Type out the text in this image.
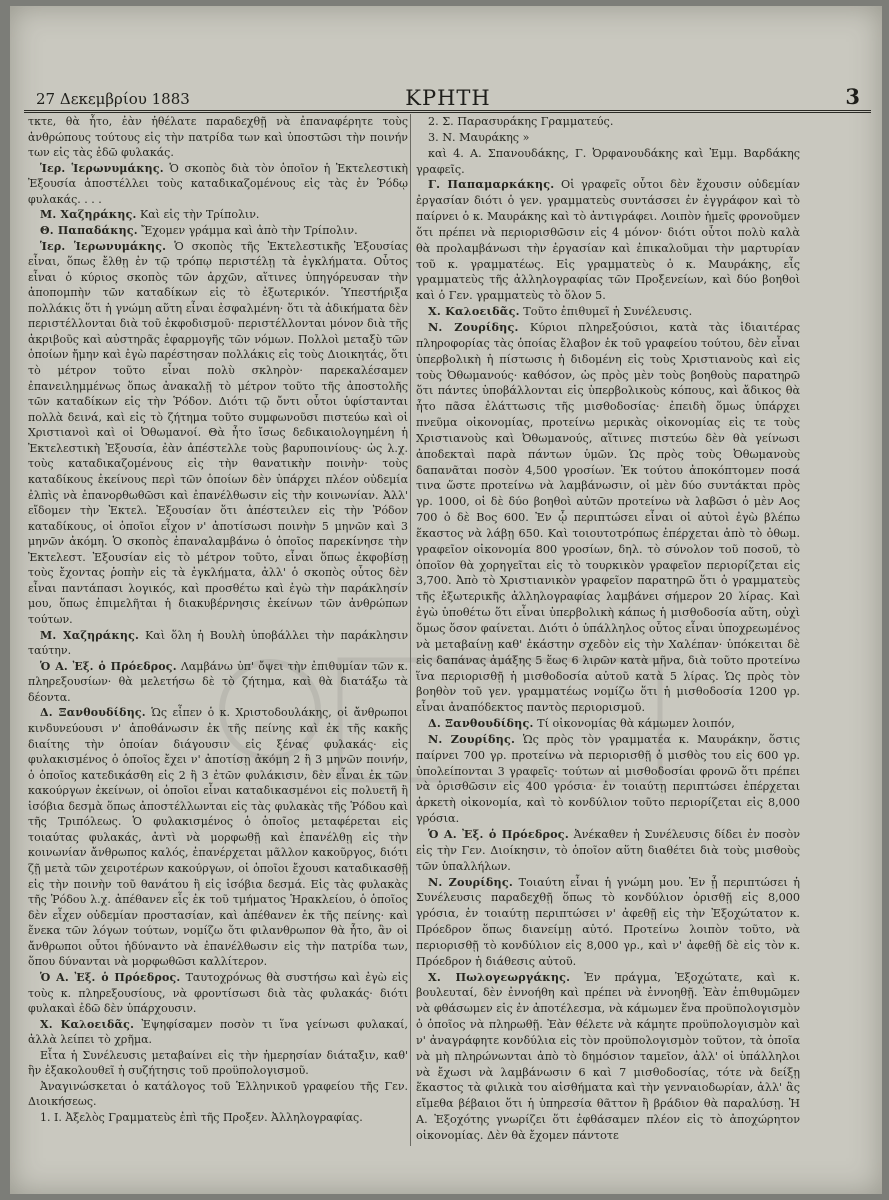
27 Δεκεμβρίου 1883	ΚΡΗΤΗ	3

τκτε, θὰ ἦτο, ἐὰν ἠθέλατε παραδεχθῇ νὰ ἐπαναφέρητε τοὺς ἀνθρώπους τούτους εἰς τὴν πατρίδα των καὶ ὑποστῶσι τὴν ποινήν των εἰς τὰς ἐδῶ φυλακάς.

Ἱερ. Ἱερωνυμάκης. Ὁ σκοπὸς διὰ τὸν ὁποῖον ἡ Ἐκτελεστικὴ Ἐξουσία ἀποστέλλει τοὺς καταδικαζομένους εἰς τὰς ἐν Ῥόδῳ φυλακάς. . . .

Μ. Χαζηράκης. Καὶ εἰς τὴν Τρίπολιν.

Θ. Παπαδάκης. Ἔχομεν γράμμα καὶ ἀπὸ τὴν Τρίπολιν.

Ἱερ. Ἱερωνυμάκης. Ὁ σκοπὸς τῆς Ἐκτελεστικῆς Ἐξουσίας εἶναι, ὅπως ἔλθῃ ἐν τῷ τρόπῳ περιστέλῃ τὰ ἐγκλήματα. Οὗτος εἶναι ὁ κύριος σκοπὸς τῶν ἀρχῶν, αἵτινες ὑπηγόρευσαν τὴν ἀποπομπὴν τῶν καταδίκων εἰς τὸ ἐξωτερικόν. Ὑπεστήριξα πολλάκις ὅτι ἡ γνώμη αὕτη εἶναι ἐσφαλμένη· ὅτι τὰ ἀδικήματα δὲν περιστέλλονται διὰ τοῦ ἐκφοδισμοῦ· περιστέλλονται μόνον διὰ τῆς ἀκριβοῦς καὶ αὐστηρᾶς ἐφαρμογῆς τῶν νόμων. Πολλοὶ μεταξὺ τῶν ὁποίων ἤμην καὶ ἐγὼ παρέστησαν πολλάκις εἰς τοὺς Διοικητάς, ὅτι τὸ μέτρον τοῦτο εἶναι πολὺ σκληρὸν· παρεκαλέσαμεν ἐπανειλημμένως ὅπως ἀνακαλῇ τὸ μέτρον τοῦτο τῆς ἀποστολῆς τῶν καταδίκων εἰς τὴν Ῥόδον. Διότι τῷ ὄντι οὗτοι ὑφίστανται πολλὰ δεινά, καὶ εἰς τὸ ζήτημα τοῦτο συμφωνοῦσι πιστεύω καὶ οἱ Χριστιανοὶ καὶ οἱ Ὀθωμανοί. Θὰ ἦτο ἴσως δεδικαιολογημένη ἡ Ἐκτελεστικὴ Ἐξουσία, ἐὰν ἀπέστελλε τοὺς βαρυποινίους· ὡς λ.χ. τοὺς καταδικαζομένους εἰς τὴν θανατικὴν ποινὴν· τοὺς καταδίκους ἐκείνους περὶ τῶν ὁποίων δὲν ὑπάρχει πλέον οὐδεμία ἐλπὶς νὰ ἐπανορθωθῶσι καὶ ἐπανέλθωσιν εἰς τὴν κοινωνίαν. Ἀλλ' εἴδομεν τὴν Ἐκτελ. Ἐξουσίαν ὅτι ἀπέστειλεν εἰς τὴν Ῥόδον καταδίκους, οἱ ὁποῖοι εἶχον ν' ἀποτίσωσι ποινὴν 5 μηνῶν καὶ 3 μηνῶν ἀκόμη. Ὁ σκοπὸς ἐπαναλαμβάνω ὁ ὁποῖος παρεκίνησε τὴν Ἐκτελεστ. Ἐξουσίαν εἰς τὸ μέτρον τοῦτο, εἶναι ὅπως ἐκφοβίσῃ τοὺς ἔχοντας ῥοπὴν εἰς τὰ ἐγκλήματα, ἀλλ' ὁ σκοπὸς οὗτος δὲν εἶναι παντάπασι λογικός, καὶ προσθέτω καὶ ἐγὼ τὴν παράκλησίν μου, ὅπως ἐπιμελῆται ἡ διακυβέρνησις ἐκείνων τῶν ἀνθρώπων τούτων.

Μ. Χαζηράκης. Καὶ ὅλη ἡ Βουλὴ ὑποβάλλει τὴν παράκλησιν ταύτην.

Ὁ Α. Ἐξ. ὁ Πρόεδρος. Λαμβάνω ὑπ' ὄψει τὴν ἐπιθυμίαν τῶν κ. πληρεξουσίων· θὰ μελετήσω δὲ τὸ ζήτημα, καὶ θὰ διατάξω τὰ δέοντα.

Δ. Ξανθουδίδης. Ὡς εἶπεν ὁ κ. Χριστοδουλάκης, οἱ ἄνθρωποι κινδυνεύουσι ν' ἀποθάνωσιν ἐκ τῆς πείνης καὶ ἐκ τῆς κακῆς διαίτης τὴν ὁποίαν διάγουσιν εἰς ξένας φυλακάς· εἰς φυλακισμένος ὁ ὁποῖος ἔχει ν' ἀποτίσῃ ἀκόμη 2 ἢ 3 μηνῶν ποινήν, ὁ ὁποῖος κατεδικάσθη εἰς 2 ἢ 3 ἐτῶν φυλάκισιν, δὲν εἶναι ἐκ τῶν κακούργων ἐκείνων, οἱ ὁποῖοι εἶναι καταδικασμένοι εἰς πολυετῆ ἢ ἰσόβια δεσμὰ ὅπως ἀποστέλλωνται εἰς τὰς φυλακὰς τῆς Ῥόδου καὶ τῆς Τριπόλεως. Ὁ φυλακισμένος ὁ ὁποῖος μεταφέρεται εἰς τοιαύτας φυλακάς, ἀντὶ νὰ μορφωθῇ καὶ ἐπανέλθῃ εἰς τὴν κοινωνίαν ἄνθρωπος καλός, ἐπανέρχεται μᾶλλον κακοῦργος, διότι ζῇ μετὰ τῶν χειροτέρων κακούργων, οἱ ὁποῖοι ἔχουσι καταδικασθῇ εἰς τὴν ποινὴν τοῦ θανάτου ἢ εἰς ἰσόβια δεσμά. Εἰς τὰς φυλακὰς τῆς Ῥόδου λ.χ. ἀπέθανεν εἷς ἐκ τοῦ τμήματος Ἡρακλείου, ὁ ὁποῖος δὲν εἶχεν οὐδεμίαν προστασίαν, καὶ ἀπέθανεν ἐκ τῆς πείνης· καὶ ἕνεκα τῶν λόγων τούτων, νομίζω ὅτι φιλανθρωπον θὰ ἦτο, ἂν οἱ ἄνθρωποι οὗτοι ἠδύναντο νὰ ἐπανέλθωσιν εἰς τὴν πατρίδα των, ὅπου δύνανται νὰ μορφωθῶσι καλλίτερον.

Ὁ Α. Ἐξ. ὁ Πρόεδρος. Ταυτοχρόνως θὰ συστήσω καὶ ἐγὼ εἰς τοὺς κ. πληρεξουσίους, νὰ φροντίσωσι διὰ τὰς φυλακάς· διότι φυλακαὶ ἐδῶ δὲν ὑπάρχουσιν.

Χ. Καλοειδᾶς. Ἐψηφίσαμεν ποσὸν τι ἵνα γείνωσι φυλακαί, ἀλλὰ λείπει τὸ χρῆμα.

Εἶτα ἡ Συνέλευσις μεταβαίνει εἰς τὴν ἡμερησίαν διάταξιν, καθ' ἣν ἐξακολουθεῖ ἡ συζήτησις τοῦ προϋπολογισμοῦ.

Ἀναγινώσκεται ὁ κατάλογος τοῦ Ἑλληνικοῦ γραφείου τῆς Γεν. Διοικήσεως.

1. Ι. Ἀξελὸς Γραμματεὺς ἐπὶ τῆς Προξεν. Ἀλληλογραφίας.

2. Σ. Παρασυράκης Γραμματεύς.

3. Ν. Μαυράκης »

καὶ 4. Α. Σπανουδάκης, Γ. Ὀρφανουδάκης καὶ Ἐμμ. Βαρδάκης γραφεῖς.

Γ. Παπαμαρκάκης. Οἱ γραφεῖς οὗτοι δὲν ἔχουσιν οὐδεμίαν ἐργασίαν διότι ὁ γεν. γραμματεὺς συντάσσει ἐν ἐγγράφον καὶ τὸ παίρνει ὁ κ. Μαυράκης καὶ τὸ ἀντιγράφει. Λοιπὸν ἡμεῖς φρονοῦμεν ὅτι πρέπει νὰ περιορισθῶσιν εἰς 4 μόνον· διότι οὗτοι πολὺ καλὰ θὰ προλαμβάνωσι τὴν ἐργασίαν καὶ ἐπικαλοῦμαι τὴν μαρτυρίαν τοῦ κ. γραμματέως. Εἰς γραμματεὺς ὁ κ. Μαυράκης, εἷς γραμματεὺς τῆς ἀλληλογραφίας τῶν Προξενείων, καὶ δύο βοηθοὶ καὶ ὁ Γεν. γραμματεὺς τὸ ὅλον 5.

Χ. Καλοειδᾶς. Τοῦτο ἐπιθυμεῖ ἡ Συνέλευσις.

Ν. Ζουρίδης. Κύριοι πληρεξούσιοι, κατὰ τὰς ἰδιαιτέρας πληροφορίας τὰς ὁποίας ἔλαβον ἐκ τοῦ γραφείου τούτου, δὲν εἶναι ὑπερβολικὴ ἡ πίστωσις ἡ διδομένη εἰς τοὺς Χριστιανοὺς καὶ εἰς τοὺς Ὀθωμανούς· καθόσον, ὡς πρὸς μὲν τοὺς βοηθοὺς παρατηρῶ ὅτι πάντες ὑποβάλλονται εἰς ὑπερβολικοὺς κόπους, καὶ ἄδικος θὰ ἦτο πᾶσα ἐλάττωσις τῆς μισθοδοσίας· ἐπειδὴ ὅμως ὑπάρχει πνεῦμα οἰκονομίας, προτείνω μερικὰς οἰκονομίας εἰς τε τοὺς Χριστιανοὺς καὶ Ὀθωμανούς, αἵτινες πιστεύω δὲν θὰ γείνωσι ἀποδεκταὶ παρὰ πάντων ὑμῶν. Ὡς πρὸς τοὺς Ὀθωμανοὺς δαπανᾶται ποσὸν 4,500 γροσίων. Ἐκ τούτου ἀποκόπτομεν ποσά τινα ὥστε προτείνω νὰ λαμβάνωσιν, οἱ μὲν δύο συντάκται πρὸς γρ. 1000, οἱ δὲ δύο βοηθοὶ αὐτῶν προτείνω νὰ λαβῶσι ὁ μὲν Αος 700 ὁ δὲ Βος 600. Ἐν ᾧ περιπτώσει εἶναι οἱ αὐτοὶ ἐγὼ βλέπω ἕκαστος νὰ λάβῃ 650. Καὶ τοιουτοτρόπως ἐπέρχεται ἀπὸ τὸ ὀθωμ. γραφεῖον οἰκονομία 800 γροσίων, δηλ. τὸ σύνολον τοῦ ποσοῦ, τὸ ὁποῖον θὰ χορηγεῖται εἰς τὸ τουρκικὸν γραφεῖον περιορίζεται εἰς 3,700. Ἀπὸ τὸ Χριστιανικὸν γραφεῖον παρατηρῶ ὅτι ὁ γραμματεὺς τῆς ἐξωτερικῆς ἀλληλογραφίας λαμβάνει σήμερον 20 λίρας. Καὶ ἐγὼ ὑποθέτω ὅτι εἶναι ὑπερβολικὴ κάπως ἡ μισθοδοσία αὕτη, οὐχὶ ὅμως ὅσον φαίνεται. Διότι ὁ ὑπάλληλος οὗτος εἶναι ὑποχρεωμένος νὰ μεταβαίνῃ καθ' ἑκάστην σχεδὸν εἰς τὴν Χαλέπαν· ὑπόκειται δὲ εἰς δαπάνας ἁμάξης 5 ἕως 6 λιρῶν κατὰ μῆνα, διὰ τοῦτο προτείνω ἵνα περιορισθῇ ἡ μισθοδοσία αὐτοῦ κατὰ 5 λίρας. Ὡς πρὸς τὸν βοηθὸν τοῦ γεν. γραμματέως νομίζω ὅτι ἡ μισθοδοσία 1200 γρ. εἶναι ἀναπόδεκτος παντὸς περιορισμοῦ.

Δ. Ξανθουδίδης. Τί οἰκονομίας θὰ κάμωμεν λοιπόν,

Ν. Ζουρίδης. Ὡς πρὸς τὸν γραμματέα κ. Μαυράκην, ὅστις παίρνει 700 γρ. προτείνω νὰ περιορισθῇ ὁ μισθὸς του εἰς 600 γρ. ὑπολείπονται 3 γραφεῖς· τούτων αἱ μισθοδοσίαι φρονῶ ὅτι πρέπει νὰ ὁρισθῶσιν εἰς 400 γρόσια· ἐν τοιαύτῃ περιπτώσει ἐπέρχεται ἀρκετὴ οἰκονομία, καὶ τὸ κονδύλιον τοῦτο περιορίζεται εἰς 8,000 γρόσια.

Ὁ Α. Ἐξ. ὁ Πρόεδρος. Ἀνέκαθεν ἡ Συνέλευσις δίδει ἐν ποσὸν εἰς τὴν Γεν. Διοίκησιν, τὸ ὁποῖον αὕτη διαθέτει διὰ τοὺς μισθοὺς τῶν ὑπαλλήλων.

Ν. Ζουρίδης. Τοιαύτη εἶναι ἡ γνώμη μου. Ἐν ᾗ περιπτώσει ἡ Συνέλευσις παραδεχθῇ ὅπως τὸ κονδύλιον ὁρισθῇ εἰς 8,000 γρόσια, ἐν τοιαύτῃ περιπτώσει ν' ἀφεθῇ εἰς τὴν Ἐξοχώτατον κ. Πρόεδρον ὅπως διανείμῃ αὐτό. Προτείνω λοιπὸν τοῦτο, νὰ περιορισθῇ τὸ κονδύλιον εἰς 8,000 γρ., καὶ ν' ἀφεθῇ δὲ εἰς τὸν κ. Πρόεδρον ἡ διάθεσις αὐτοῦ.

Χ. Πωλογεωργάκης. Ἐν πράγμα, Ἐξοχώτατε, καὶ κ. βουλευταί, δὲν ἐννοήθη καὶ πρέπει νὰ ἐννοηθῇ. Ἐὰν ἐπιθυμῶμεν νὰ φθάσωμεν εἰς ἐν ἀποτέλεσμα, νὰ κάμωμεν ἕνα προϋπολογισμὸν ὁ ὁποῖος νὰ πληρωθῇ. Ἐὰν θέλετε νὰ κάμητε προϋπολογισμὸν καὶ ν' ἀναγράφητε κονδύλια εἰς τὸν προϋπολογισμὸν τοῦτον, τὰ ὁποῖα νὰ μὴ πληρώνωνται ἀπὸ τὸ δημόσιον ταμεῖον, ἀλλ' οἱ ὑπάλληλοι νὰ ἔχωσι νὰ λαμβάνωσιν 6 καὶ 7 μισθοδοσίας, τότε νὰ δείξῃ ἕκαστος τὰ φιλικὰ του αἰσθήματα καὶ τὴν γενναιοδωρίαν, ἀλλ' ἂς εἴμεθα βέβαιοι ὅτι ἡ ὑπηρεσία θᾶττον ἢ βράδιον θὰ παραλύσῃ. Ἡ Α. Ἐξοχότης γνωρίζει ὅτι ἐφθάσαμεν πλέον εἰς τὸ ἀποχώρητον οἰκονομίας. Δὲν θὰ ἔχομεν πάντοτε
